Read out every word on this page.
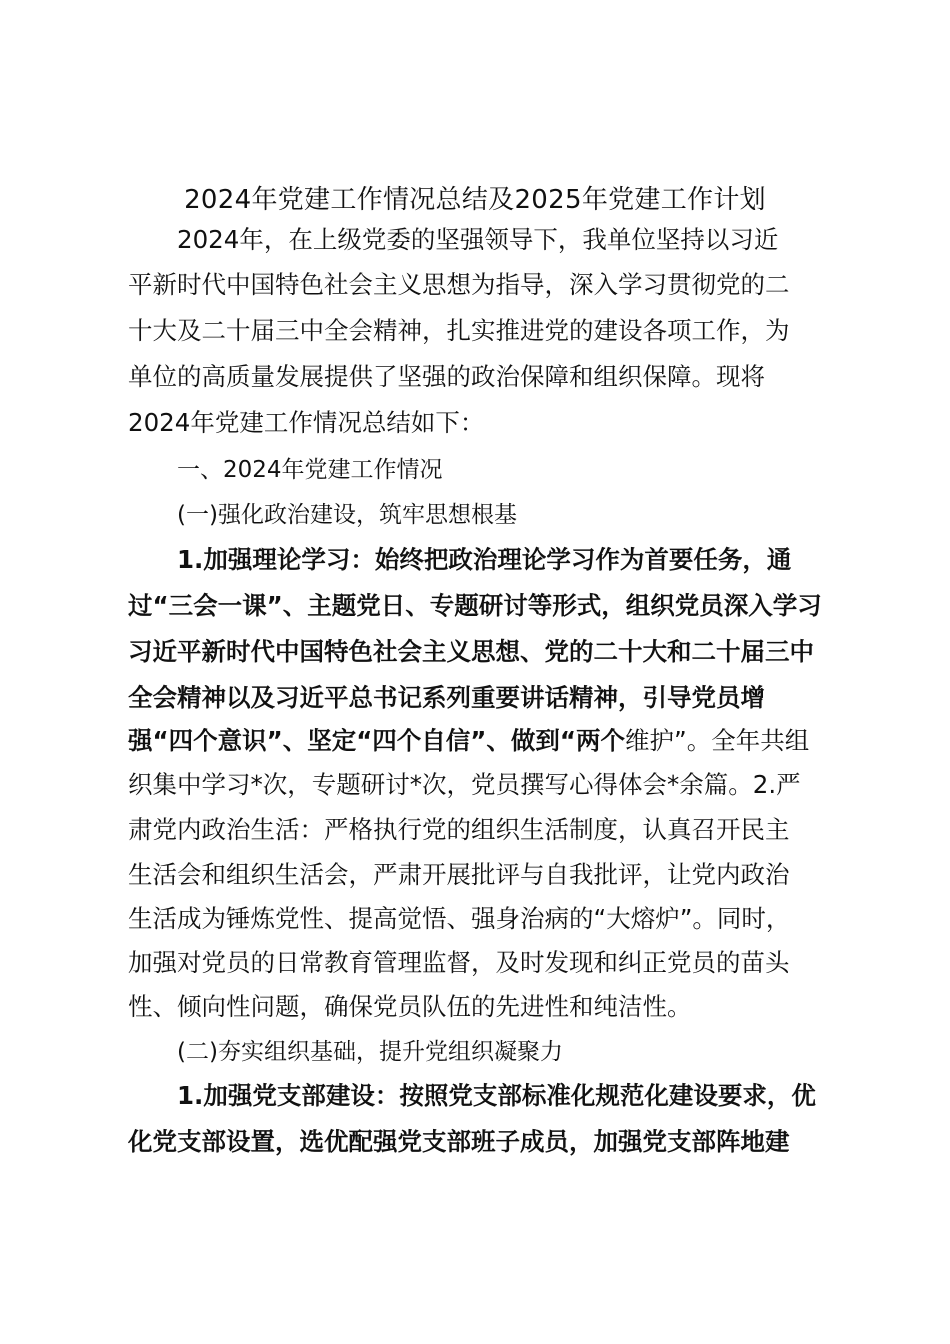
2024年党建工作情况总结及2025年党建工作计划
2024年，在上级党委的坚强领导下，我单位坚持以习近
平新时代中国特色社会主义思想为指导，深入学习贯彻党的二
十大及二十届三中全会精神，扎实推进党的建设各项工作，为
单位的高质量发展提供了坚强的政治保障和组织保障。现将
2024年党建工作情况总结如下：
一、2024年党建工作情况
(一)强化政治建设，筑牢思想根基
1.加强理论学习：始终把政治理论学习作为首要任务，通
过“三会一课”、主题党日、专题研讨等形式，组织党员深入学习
习近平新时代中国特色社会主义思想、党的二十大和二十届三中
全会精神以及习近平总书记系列重要讲话精神，引导党员增
强“四个意识”、坚定“四个自信”、做到“两个维护”。全年共组
织集中学习*次，专题研讨*次，党员撰写心得体会*余篇。2.严
肃党内政治生活：严格执行党的组织生活制度，认真召开民主
生活会和组织生活会，严肃开展批评与自我批评，让党内政治
生活成为锤炼党性、提高觉悟、强身治病的“大熔炉”。同时，
加强对党员的日常教育管理监督，及时发现和纠正党员的苗头
性、倾向性问题，确保党员队伍的先进性和纯洁性。
(二)夯实组织基础，提升党组织凝聚力
1.加强党支部建设：按照党支部标准化规范化建设要求，优
化党支部设置，选优配强党支部班子成员，加强党支部阵地建
